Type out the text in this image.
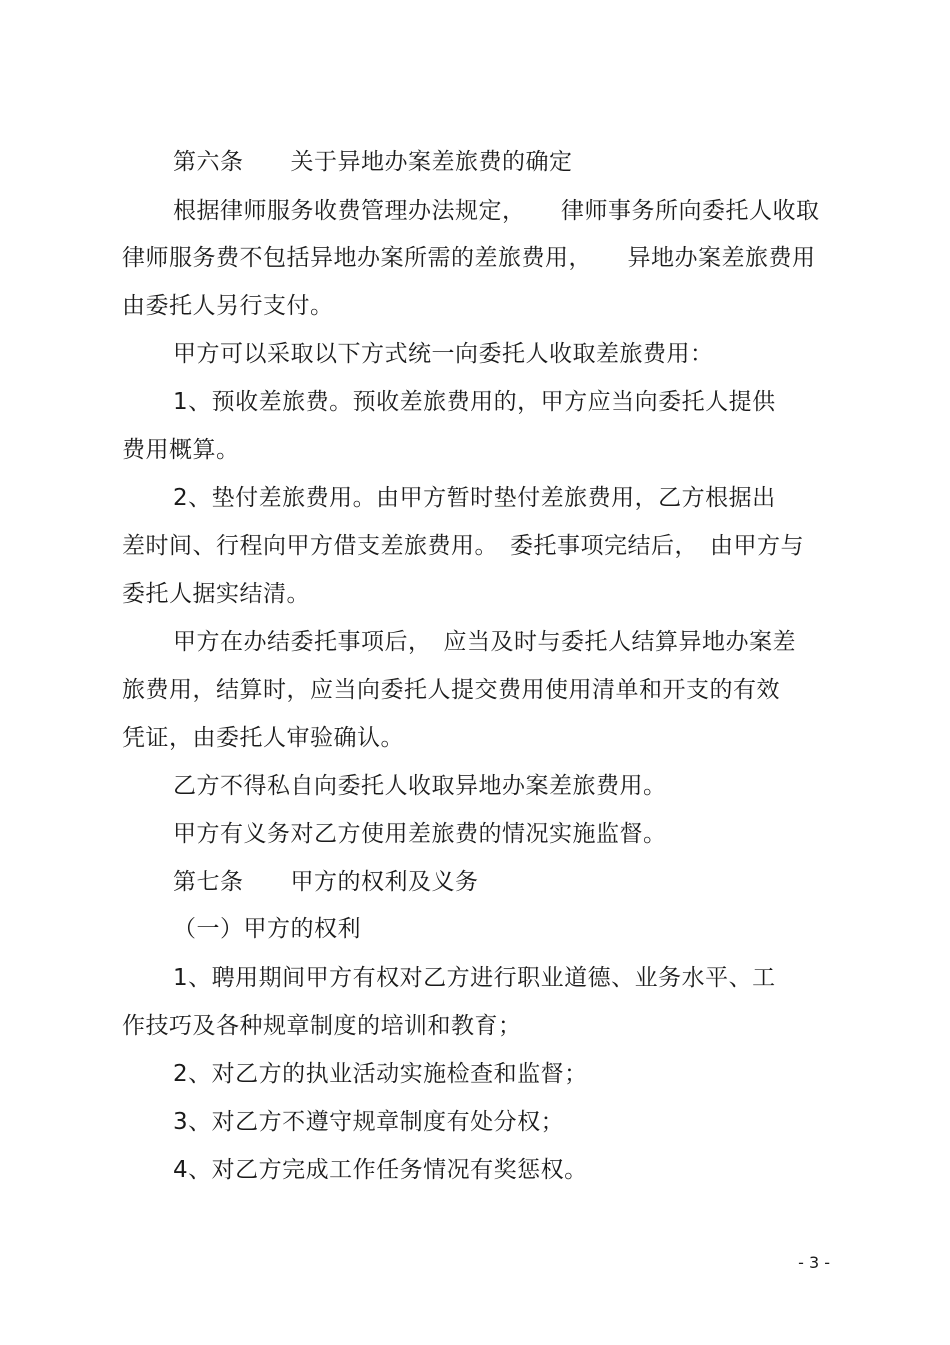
第六条　　关于异地办案差旅费的确定
根据律师服务收费管理办法规定，　　律师事务所向委托人收取
律师服务费不包括异地办案所需的差旅费用，　　异地办案差旅费用
由委托人另行支付。
甲方可以采取以下方式统一向委托人收取差旅费用：
1、预收差旅费。预收差旅费用的，甲方应当向委托人提供
费用概算。
2、垫付差旅费用。由甲方暂时垫付差旅费用，乙方根据出
差时间、行程向甲方借支差旅费用。　委托事项完结后，　由甲方与
委托人据实结清。
甲方在办结委托事项后，　应当及时与委托人结算异地办案差
旅费用，结算时，应当向委托人提交费用使用清单和开支的有效
凭证，由委托人审验确认。
乙方不得私自向委托人收取异地办案差旅费用。
甲方有义务对乙方使用差旅费的情况实施监督。
第七条　　甲方的权利及义务
（一）甲方的权利
1、聘用期间甲方有权对乙方进行职业道德、业务水平、工
作技巧及各种规章制度的培训和教育；
2、对乙方的执业活动实施检查和监督；
3、对乙方不遵守规章制度有处分权；
4、对乙方完成工作任务情况有奖惩权。
- 3 -
